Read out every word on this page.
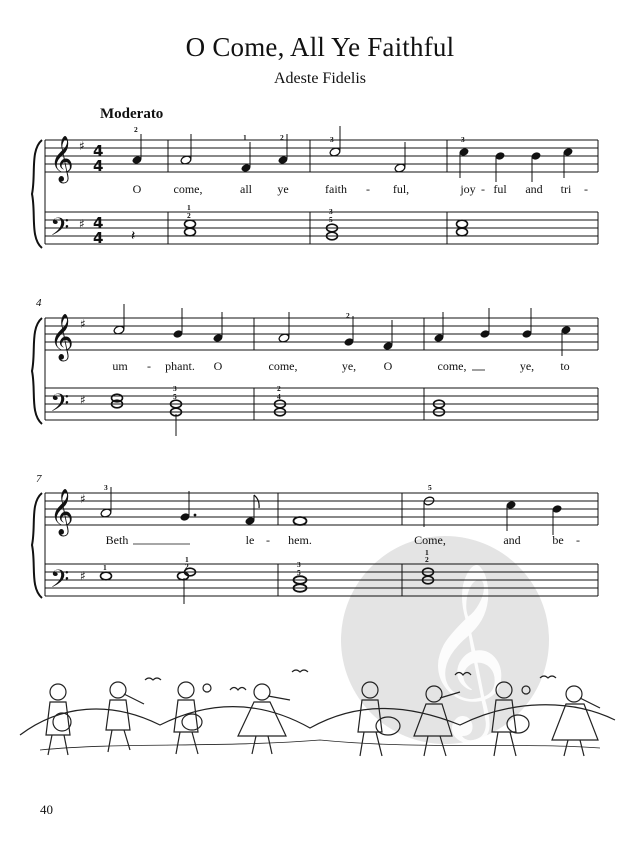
O Come, All Ye Faithful
Adeste Fidelis
Moderato
𝄞
𝄞
𝄢
♯
♯
4
4
4
4
2
𝄽
1	2
1
2
3
3
5
3
O	come,	all ye	faith - ful,	joy - ful and tri -
4
𝄞
𝄢
♯
♯
3
5
2
2
4
um - phant. O	come,	ye, O	come,	ye, to
7
𝄞
𝄢
♯
♯
3
1
1
2	3
5
5
1
2
Beth	le - hem.	Come,	and	be -
40
